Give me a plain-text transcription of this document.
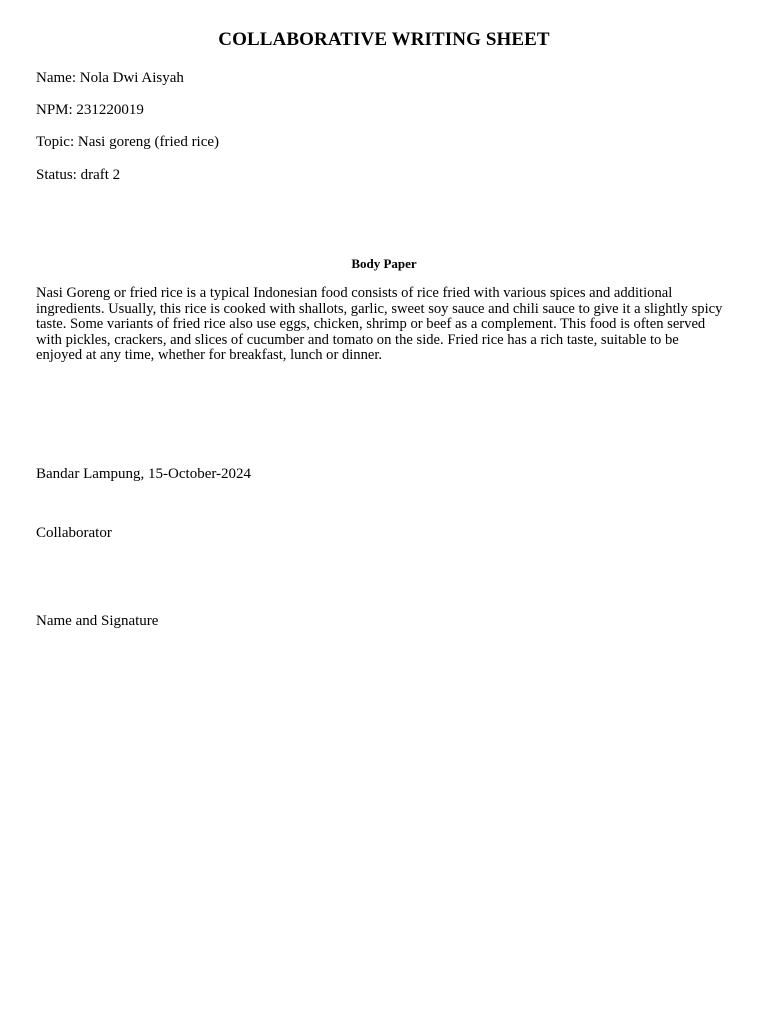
COLLABORATIVE WRITING SHEET
Name: Nola Dwi Aisyah
NPM: 231220019
Topic: Nasi goreng (fried rice)
Status: draft 2
Body Paper
Nasi Goreng or fried rice is a typical Indonesian food consists of rice fried with various spices and additional ingredients. Usually, this rice is cooked with shallots, garlic, sweet soy sauce and chili sauce to give it a slightly spicy taste. Some variants of fried rice also use eggs, chicken, shrimp or beef as a complement. This food is often served with pickles, crackers, and slices of cucumber and tomato on the side. Fried rice has a rich taste, suitable to be enjoyed at any time, whether for breakfast, lunch or dinner.
Bandar Lampung, 15-October-2024
Collaborator
Name and Signature
